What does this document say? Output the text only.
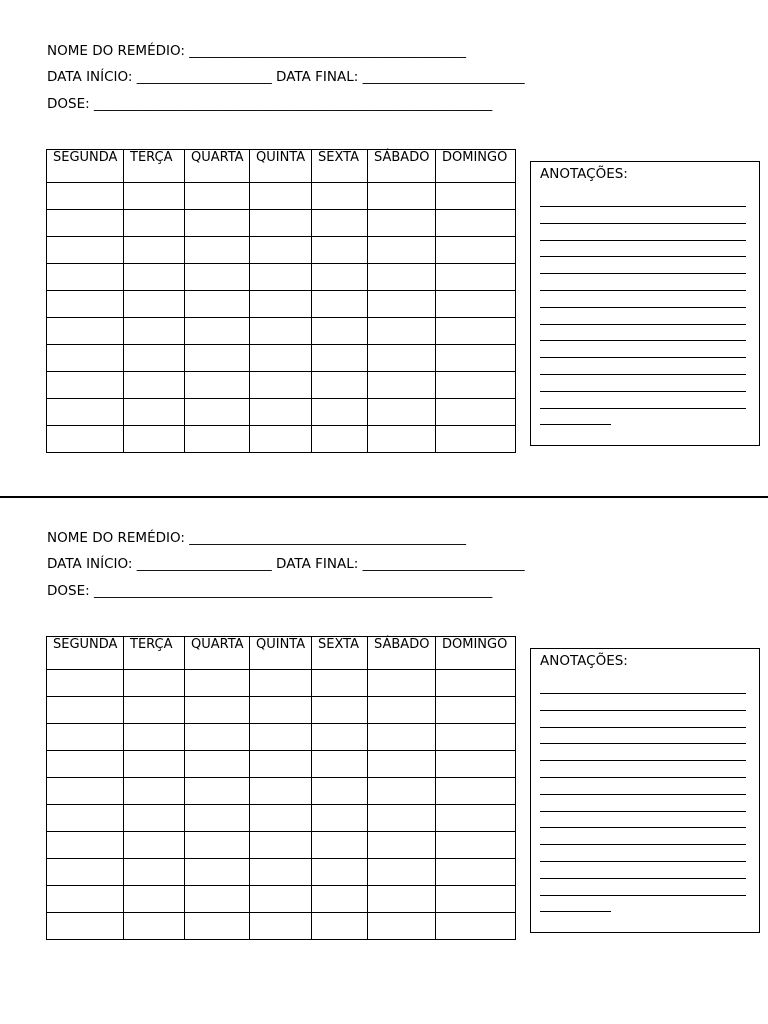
NOME DO REMÉDIO: _________________________________________
DATA INÍCIO: ____________________ DATA FINAL: ________________________
DOSE: ___________________________________________________________
SEGUNDA	TERÇA	QUARTA	QUINTA	SEXTA	SÁBADO	DOMINGO

ANOTAÇÕES:
NOME DO REMÉDIO: _________________________________________
DATA INÍCIO: ____________________ DATA FINAL: ________________________
DOSE: ___________________________________________________________
SEGUNDA	TERÇA	QUARTA	QUINTA	SEXTA	SÁBADO	DOMINGO

ANOTAÇÕES:
